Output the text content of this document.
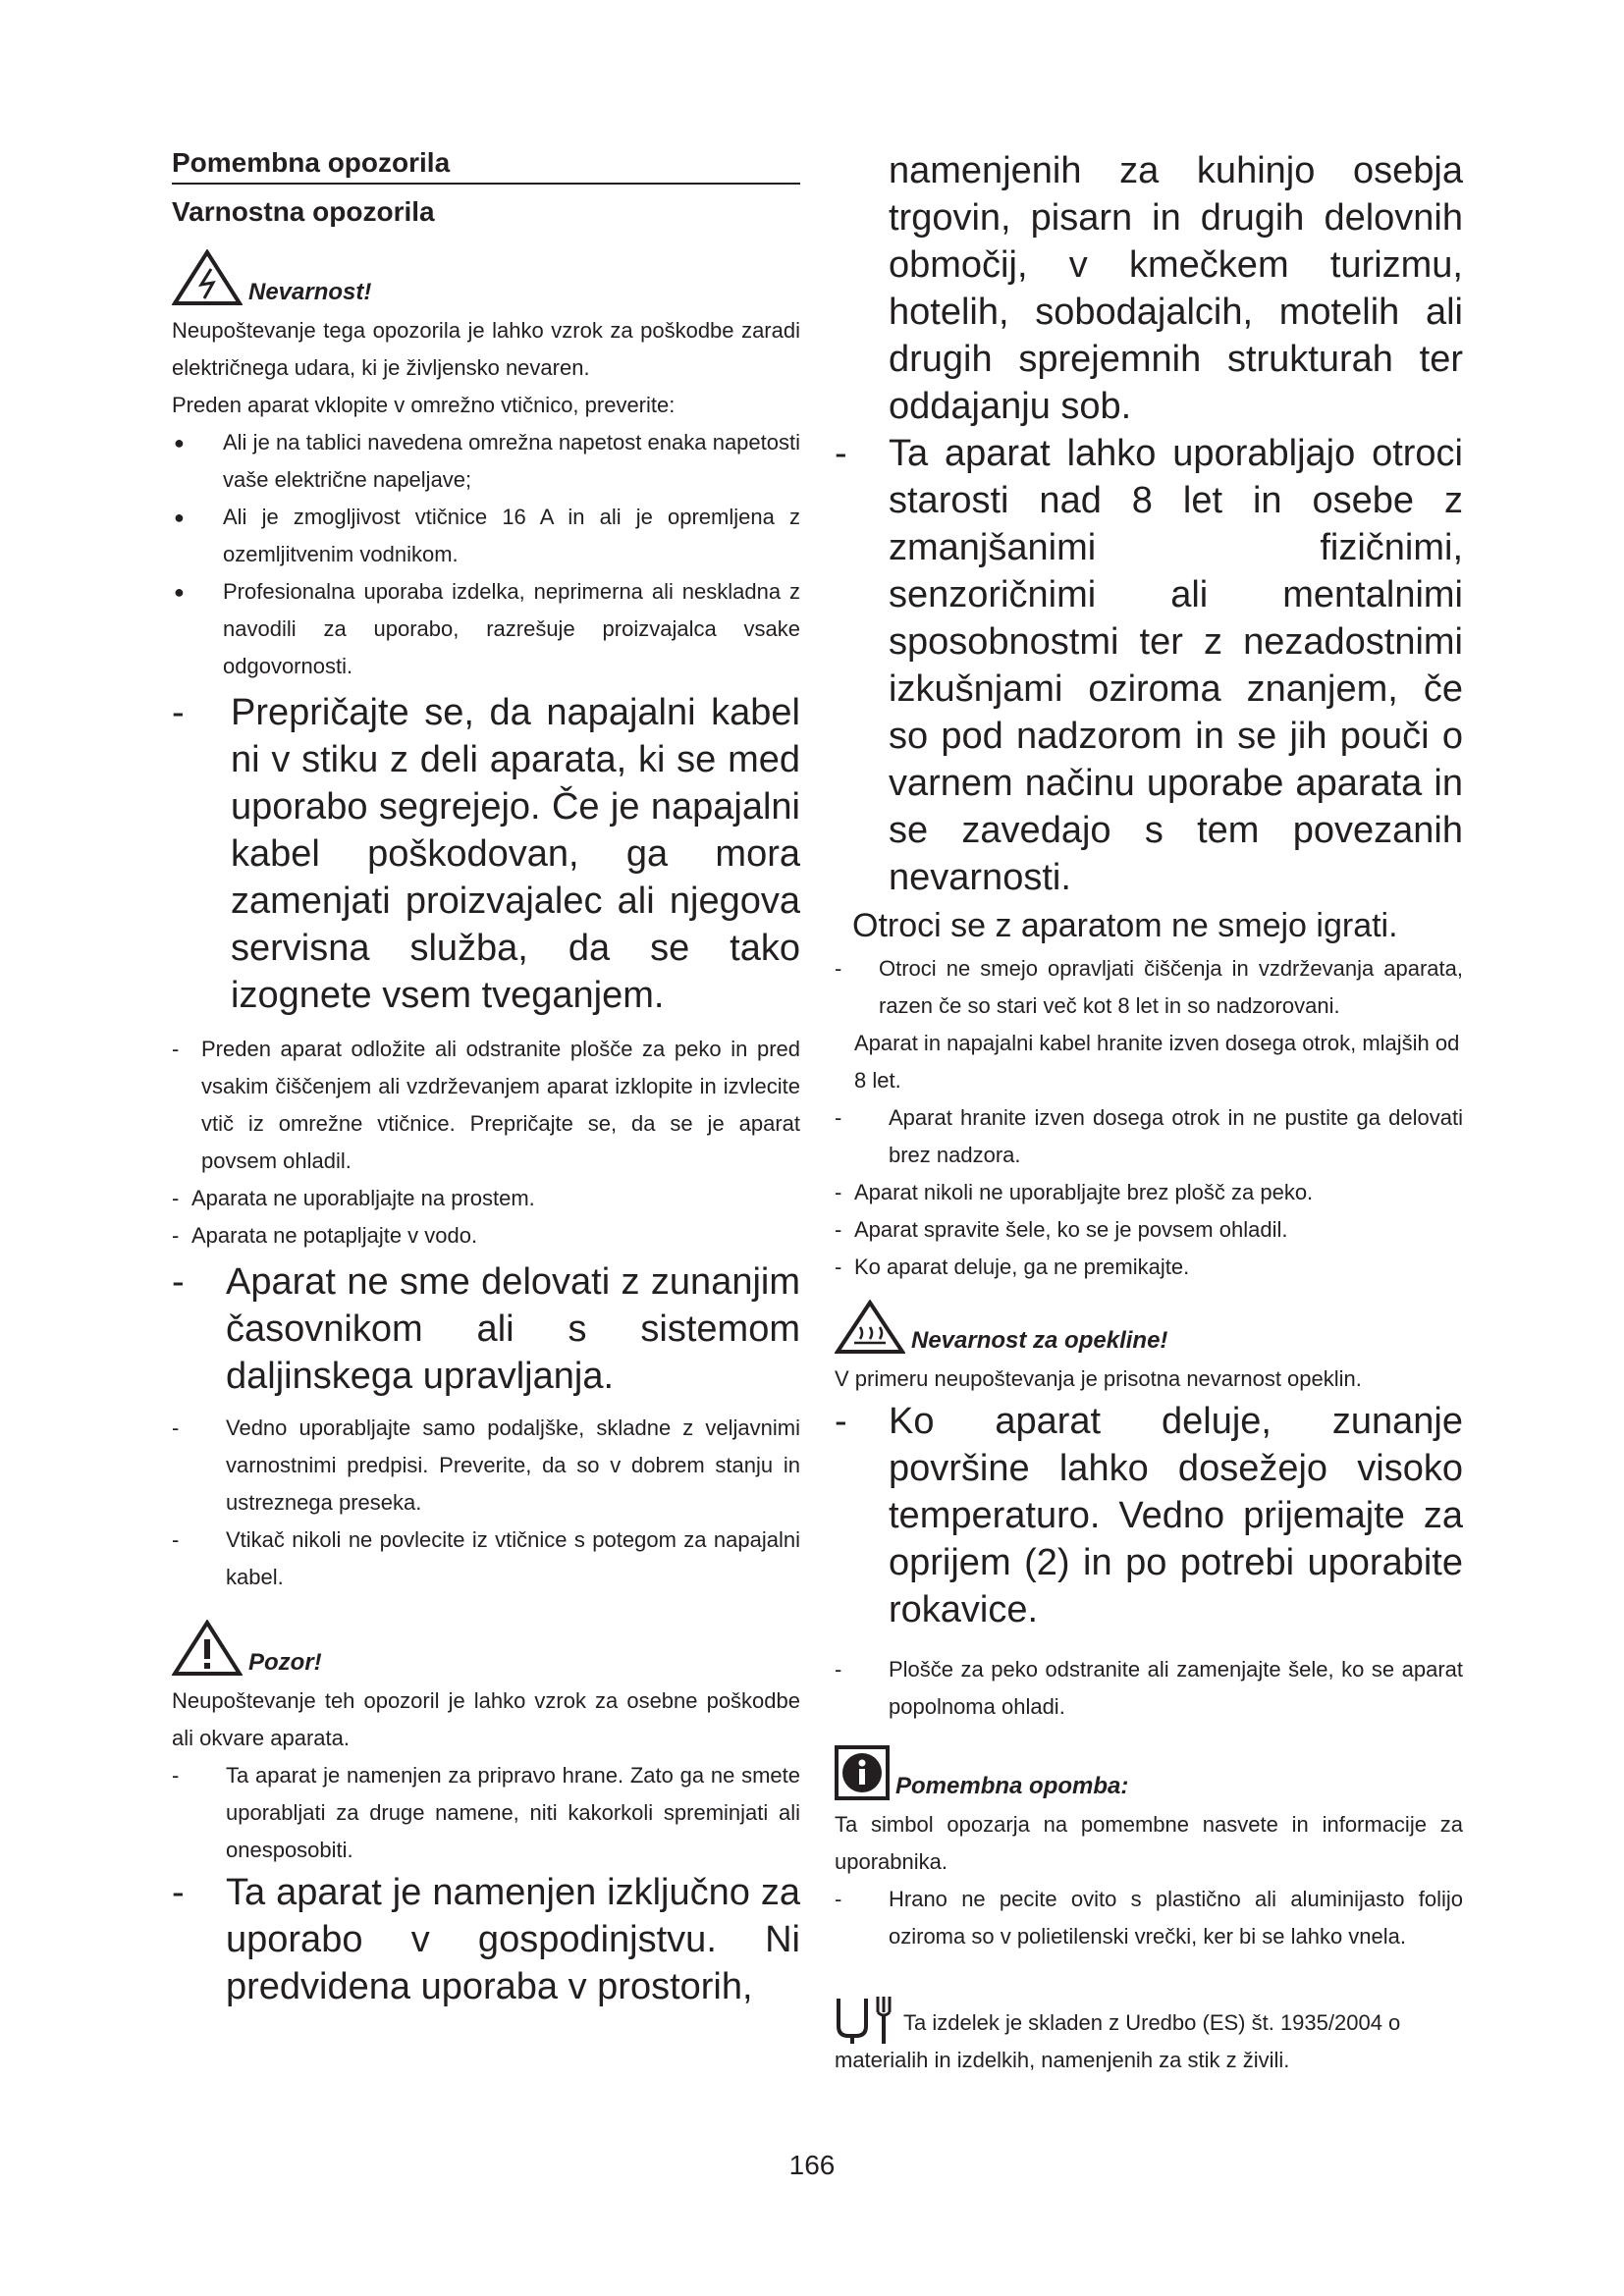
Pomembna opozorila

Varnostna opozorila

Nevarnost!

Neupoštevanje tega opozorila je lahko vzrok za poškodbe zaradi električnega udara, ki je življensko nevaren.

Preden aparat vklopite v omrežno vtičnico, preverite:

● Ali je na tablici navedena omrežna napetost enaka napetosti vaše električne napeljave;

● Ali je zmogljivost vtičnice 16 A in ali je opremljena z ozemljitvenim vodnikom.

● Profesionalna uporaba izdelka, neprimerna ali neskladna z navodili za uporabo, razrešuje proizvajalca vsake odgovornosti.

- Prepričajte se, da napajalni kabel ni v stiku z deli aparata, ki se med uporabo segrejejo. Če je napajalni kabel poškodovan, ga mora zamenjati proizvajalec ali njegova servisna služba, da se tako izognete vsem tveganjem.

- Preden aparat odložite ali odstranite plošče za peko in pred vsakim čiščenjem ali vzdrževanjem aparat izklopite in izvlecite vtič iz omrežne vtičnice. Prepričajte se, da se je aparat povsem ohladil.

- Aparata ne uporabljajte na prostem.

- Aparata ne potapljajte v vodo.

- Aparat ne sme delovati z zunanjim časovnikom ali s sistemom daljinskega upravljanja.

- Vedno uporabljajte samo podaljške, skladne z veljavnimi varnostnimi predpisi. Preverite, da so v dobrem stanju in ustreznega preseka.

- Vtikač nikoli ne povlecite iz vtičnice s potegom za napajalni kabel.

Pozor!

Neupoštevanje teh opozoril je lahko vzrok za osebne poškodbe ali okvare aparata.

- Ta aparat je namenjen za pripravo hrane. Zato ga ne smete uporabljati za druge namene, niti kakorkoli spreminjati ali onesposobiti.

- Ta aparat je namenjen izključno za uporabo v gospodinjstvu. Ni predvidena uporaba v prostorih,

namenjenih za kuhinjo osebja trgovin, pisarn in drugih delovnih območij, v kmečkem turizmu, hotelih, sobodajalcih, motelih ali drugih sprejemnih strukturah ter oddajanju sob.

- Ta aparat lahko uporabljajo otroci starosti nad 8 let in osebe z zmanjšanimi fizičnimi, senzoričnimi ali mentalnimi sposobnostmi ter z nezadostnimi izkušnjami oziroma znanjem, če so pod nadzorom in se jih pouči o varnem načinu uporabe aparata in se zavedajo s tem povezanih nevarnosti.

Otroci se z aparatom ne smejo igrati.

- Otroci ne smejo opravljati čiščenja in vzdrževanja aparata, razen če so stari več kot 8 let in so nadzorovani.

Aparat in napajalni kabel hranite izven dosega otrok, mlajših od 8 let.

- Aparat hranite izven dosega otrok in ne pustite ga delovati brez nadzora.

- Aparat nikoli ne uporabljajte brez plošč za peko.

- Aparat spravite šele, ko se je povsem ohladil.

- Ko aparat deluje, ga ne premikajte.

Nevarnost za opekline!

V primeru neupoštevanja je prisotna nevarnost opeklin.

- Ko aparat deluje, zunanje površine lahko dosežejo visoko temperaturo. Vedno prijemajte za oprijem (2) in po potrebi uporabite rokavice.

- Plošče za peko odstranite ali zamenjajte šele, ko se aparat popolnoma ohladi.

Pomembna opomba:

Ta simbol opozarja na pomembne nasvete in informacije za uporabnika.

- Hrano ne pecite ovito s plastično ali aluminijasto folijo oziroma so v polietilenski vrečki, ker bi se lahko vnela.

Ta izdelek je skladen z Uredbo (ES) št. 1935/2004 o materialih in izdelkih, namenjenih za stik z živili.

166
